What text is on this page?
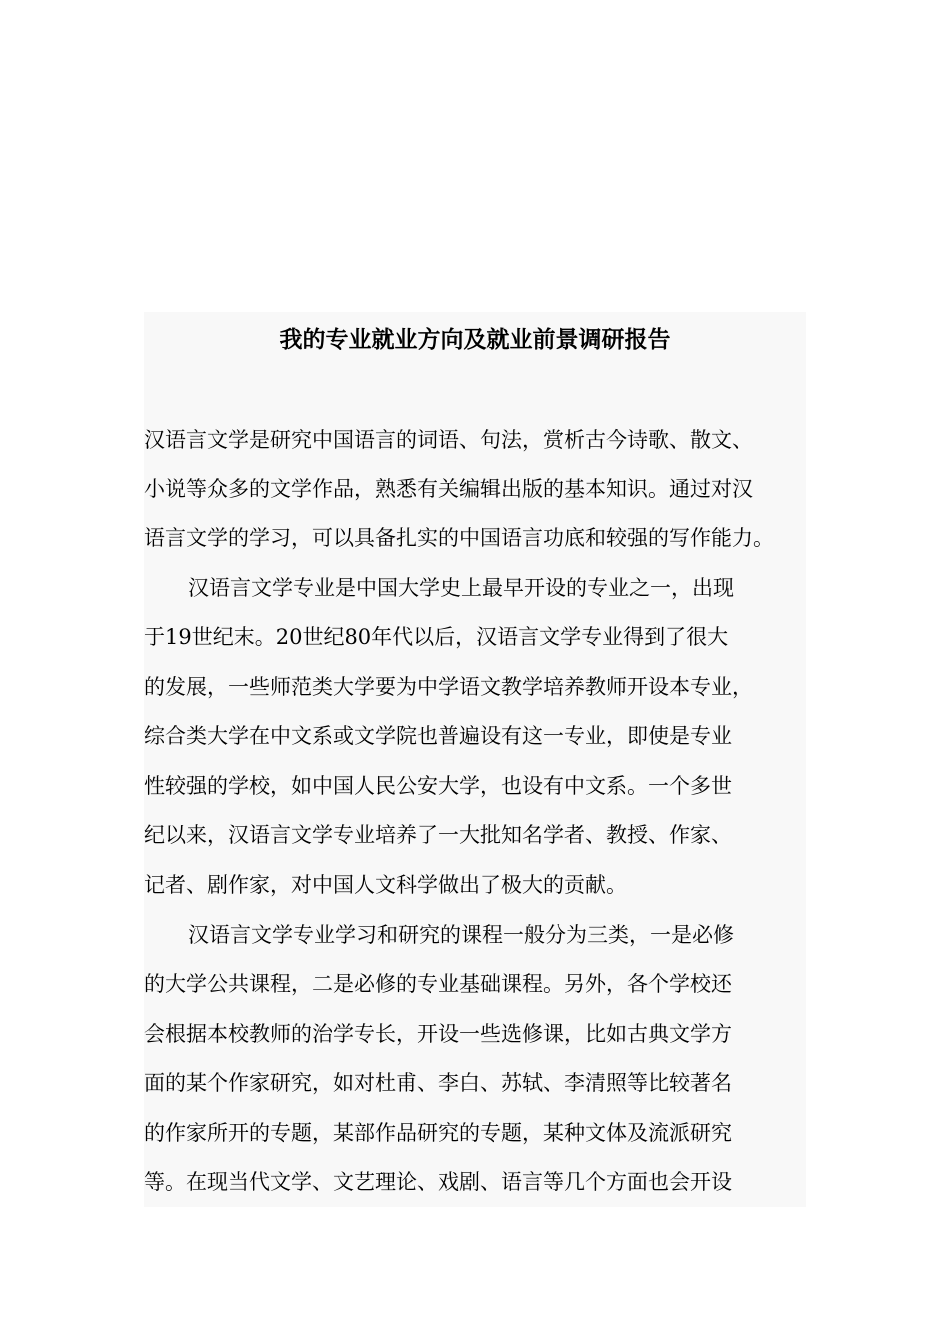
我的专业就业方向及就业前景调研报告

汉语言文学是研究中国语言的词语、句法，赏析古今诗歌、散文、

小说等众多的文学作品，熟悉有关编辑出版的基本知识。通过对汉

语言文学的学习，可以具备扎实的中国语言功底和较强的写作能力。

汉语言文学专业是中国大学史上最早开设的专业之一，出现

于19世纪末。20世纪80年代以后，汉语言文学专业得到了很大

的发展，一些师范类大学要为中学语文教学培养教师开设本专业，

综合类大学在中文系或文学院也普遍设有这一专业，即使是专业

性较强的学校，如中国人民公安大学，也设有中文系。一个多世

纪以来，汉语言文学专业培养了一大批知名学者、教授、作家、

记者、剧作家，对中国人文科学做出了极大的贡献。

汉语言文学专业学习和研究的课程一般分为三类，一是必修

的大学公共课程，二是必修的专业基础课程。另外，各个学校还

会根据本校教师的治学专长，开设一些选修课，比如古典文学方

面的某个作家研究，如对杜甫、李白、苏轼、李清照等比较著名

的作家所开的专题，某部作品研究的专题，某种文体及流派研究

等。在现当代文学、文艺理论、戏剧、语言等几个方面也会开设
